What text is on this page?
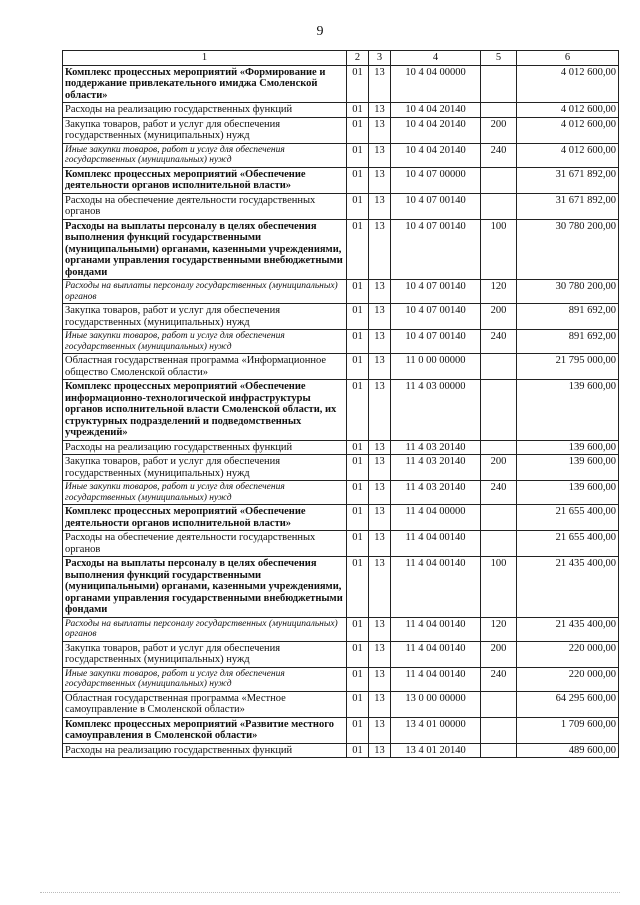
9
1	2	3	4	5	6
Комплекс процессных мероприятий «Формирование и поддержание привлекательного имиджа Смоленской области»	01	13	10 4 04 00000		4 012 600,00
Расходы на реализацию государственных функций	01	13	10 4 04 20140		4 012 600,00
Закупка товаров, работ и услуг для обеспечения государственных (муниципальных) нужд	01	13	10 4 04 20140	200	4 012 600,00
Иные закупки товаров, работ и услуг для обеспечения государственных (муниципальных) нужд	01	13	10 4 04 20140	240	4 012 600,00
Комплекс процессных мероприятий «Обеспечение деятельности органов исполнительной власти»	01	13	10 4 07 00000		31 671 892,00
Расходы на обеспечение деятельности государственных органов	01	13	10 4 07 00140		31 671 892,00
Расходы на выплаты персоналу в целях обеспечения выполнения функций государственными (муниципальными) органами, казенными учреждениями, органами управления государственными внебюджетными фондами	01	13	10 4 07 00140	100	30 780 200,00
Расходы на выплаты персоналу государственных (муниципальных) органов	01	13	10 4 07 00140	120	30 780 200,00
Закупка товаров, работ и услуг для обеспечения государственных (муниципальных) нужд	01	13	10 4 07 00140	200	891 692,00
Иные закупки товаров, работ и услуг для обеспечения государственных (муниципальных) нужд	01	13	10 4 07 00140	240	891 692,00
Областная государственная программа «Информационное общество Смоленской области»	01	13	11 0 00 00000		21 795 000,00
Комплекс процессных мероприятий «Обеспечение информационно-технологической инфраструктуры органов исполнительной власти Смоленской области, их структурных подразделений и подведомственных учреждений»	01	13	11 4 03 00000		139 600,00
Расходы на реализацию государственных функций	01	13	11 4 03 20140		139 600,00
Закупка товаров, работ и услуг для обеспечения государственных (муниципальных) нужд	01	13	11 4 03 20140	200	139 600,00
Иные закупки товаров, работ и услуг для обеспечения государственных (муниципальных) нужд	01	13	11 4 03 20140	240	139 600,00
Комплекс процессных мероприятий «Обеспечение деятельности органов исполнительной власти»	01	13	11 4 04 00000		21 655 400,00
Расходы на обеспечение деятельности государственных органов	01	13	11 4 04 00140		21 655 400,00
Расходы на выплаты персоналу в целях обеспечения выполнения функций государственными (муниципальными) органами, казенными учреждениями, органами управления государственными внебюджетными фондами	01	13	11 4 04 00140	100	21 435 400,00
Расходы на выплаты персоналу государственных (муниципальных) органов	01	13	11 4 04 00140	120	21 435 400,00
Закупка товаров, работ и услуг для обеспечения государственных (муниципальных) нужд	01	13	11 4 04 00140	200	220 000,00
Иные закупки товаров, работ и услуг для обеспечения государственных (муниципальных) нужд	01	13	11 4 04 00140	240	220 000,00
Областная государственная программа «Местное самоуправление в Смоленской области»	01	13	13 0 00 00000		64 295 600,00
Комплекс процессных мероприятий «Развитие местного самоуправления в Смоленской области»	01	13	13 4 01 00000		1 709 600,00
Расходы на реализацию государственных функций	01	13	13 4 01 20140		489 600,00
